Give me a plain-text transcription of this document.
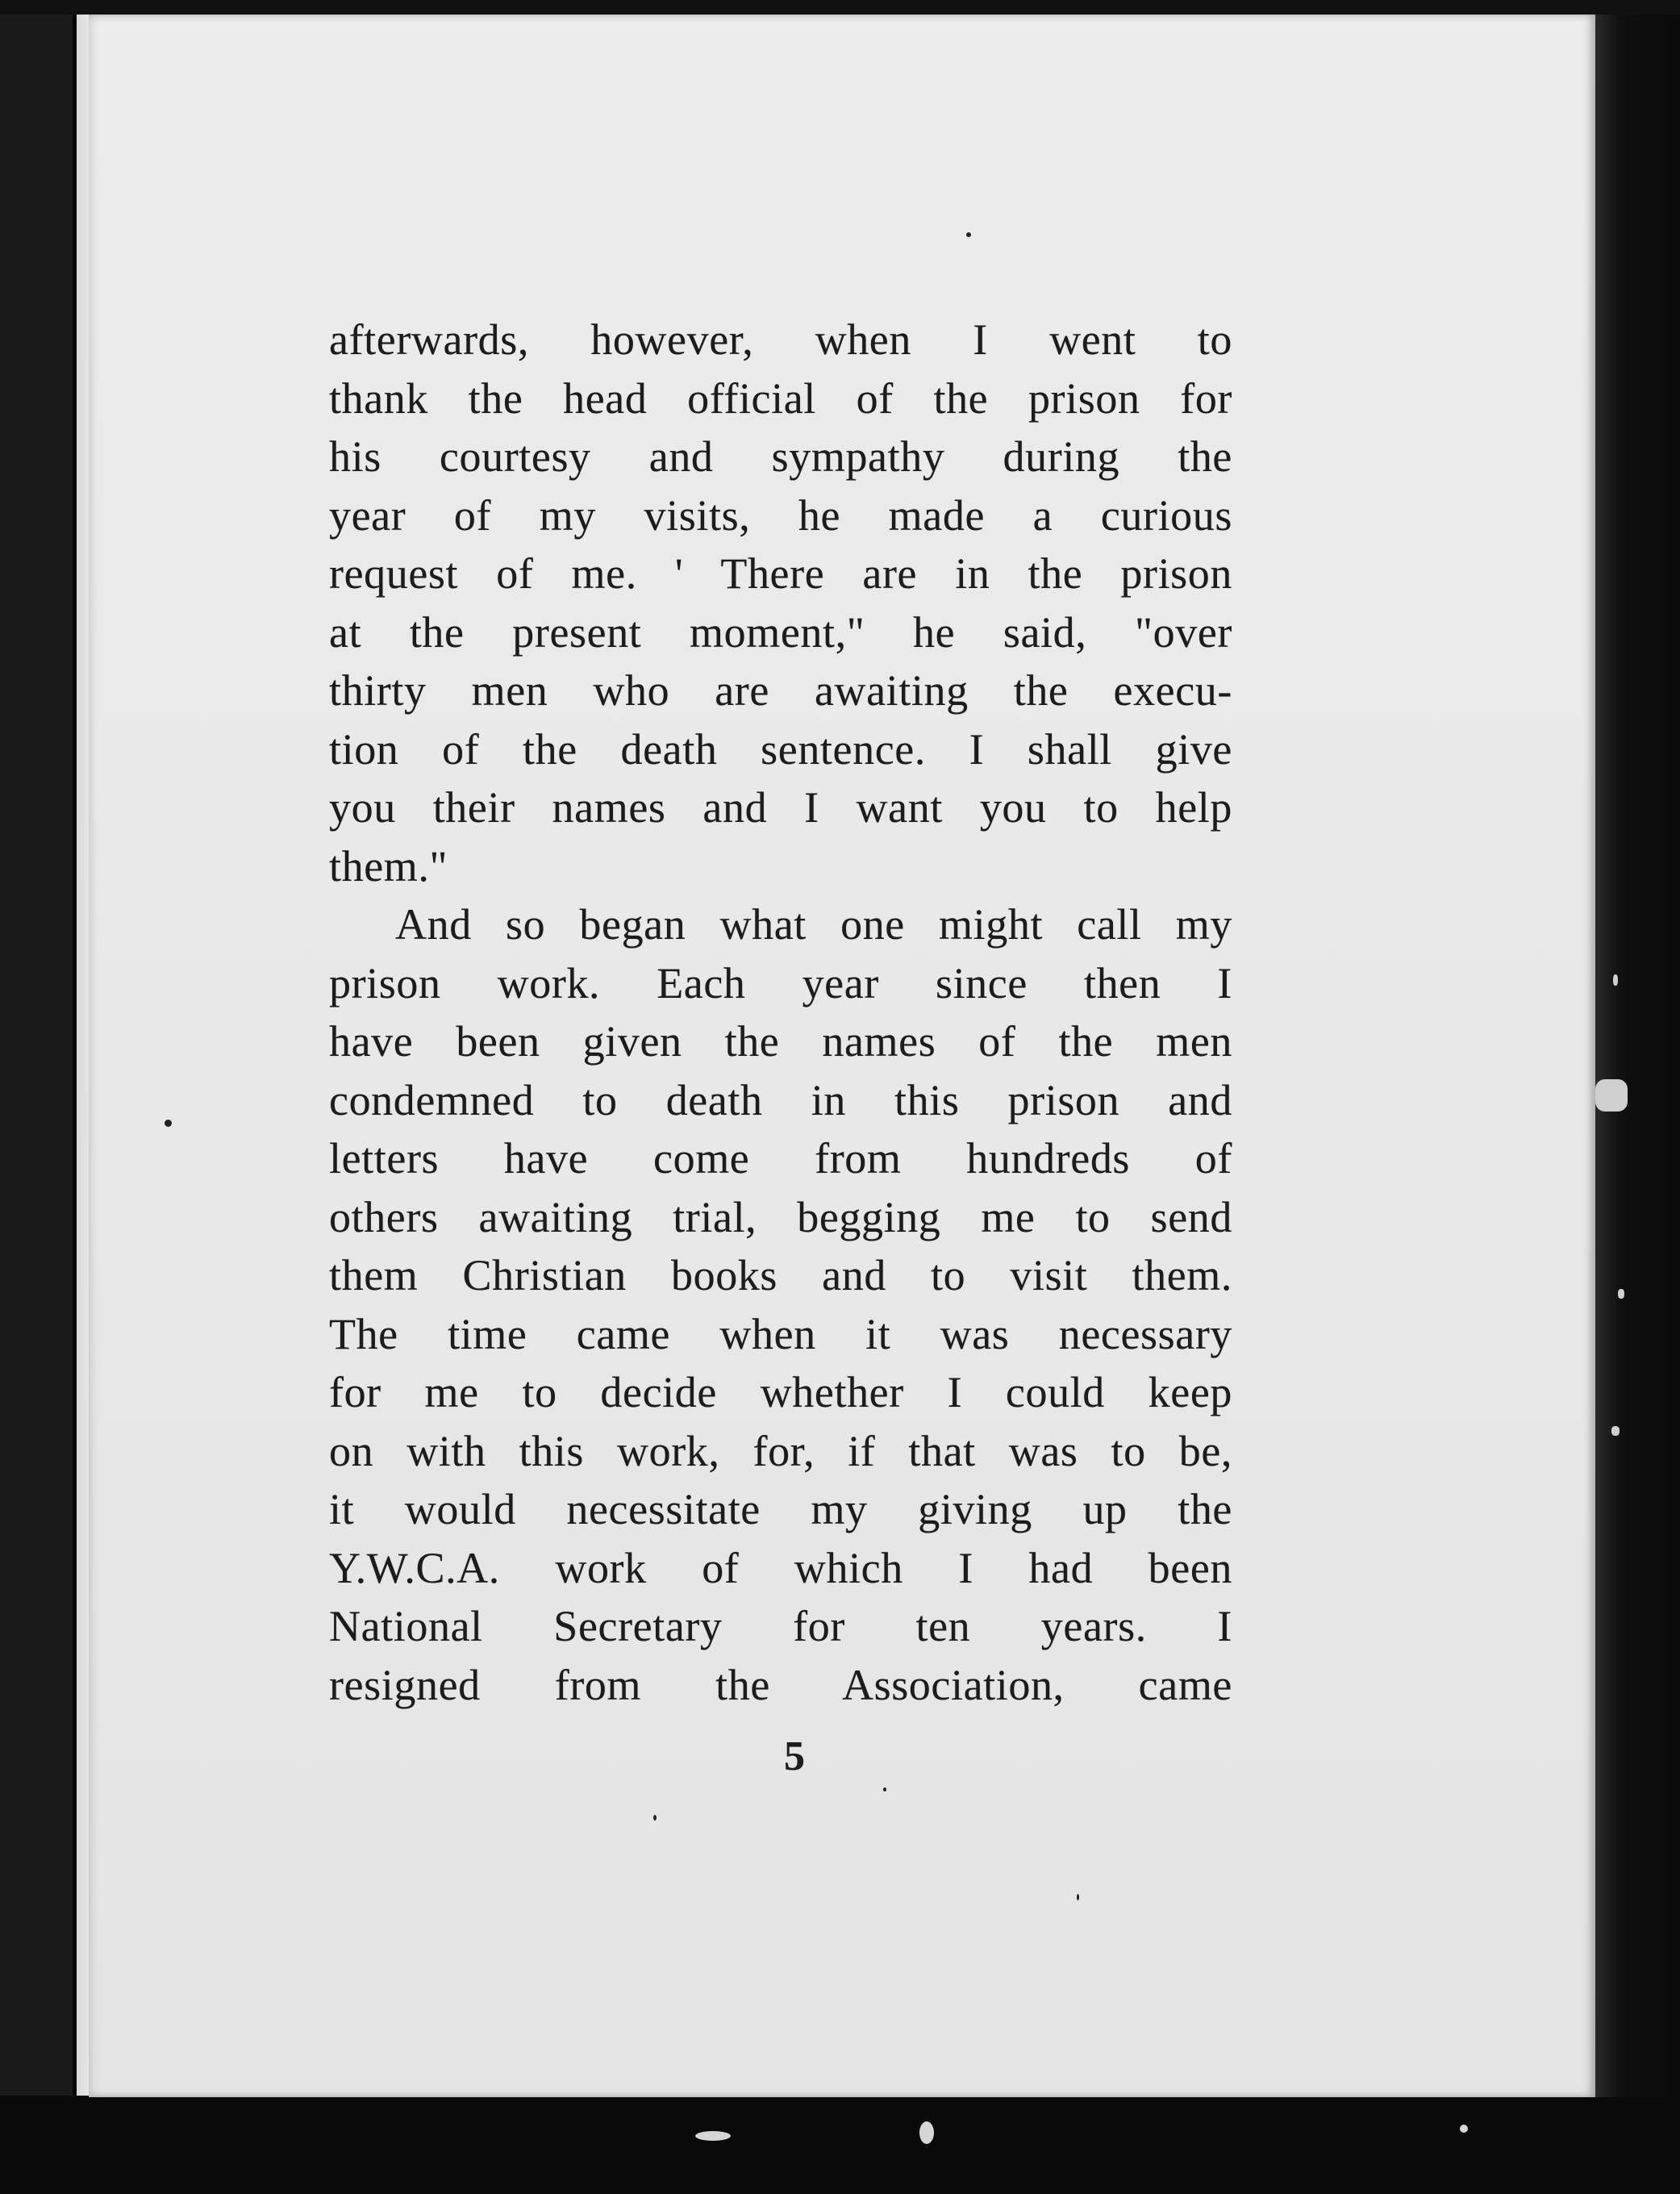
afterwards, however, when I went to
thank the head official of the prison for
his courtesy and sympathy during the
year of my visits, he made a curious
request of me. ' There are in the prison
at the present moment," he said, "over
thirty men who are awaiting the execu-
tion of the death sentence. I shall give
you their names and I want you to help
them."
And so began what one might call my
prison work. Each year since then I
have been given the names of the men
condemned to death in this prison and
letters have come from hundreds of
others awaiting trial, begging me to send
them Christian books and to visit them.
The time came when it was necessary
for me to decide whether I could keep
on with this work, for, if that was to be,
it would necessitate my giving up the
Y.W.C.A. work of which I had been
National Secretary for ten years. I
resigned from the Association, came
5
